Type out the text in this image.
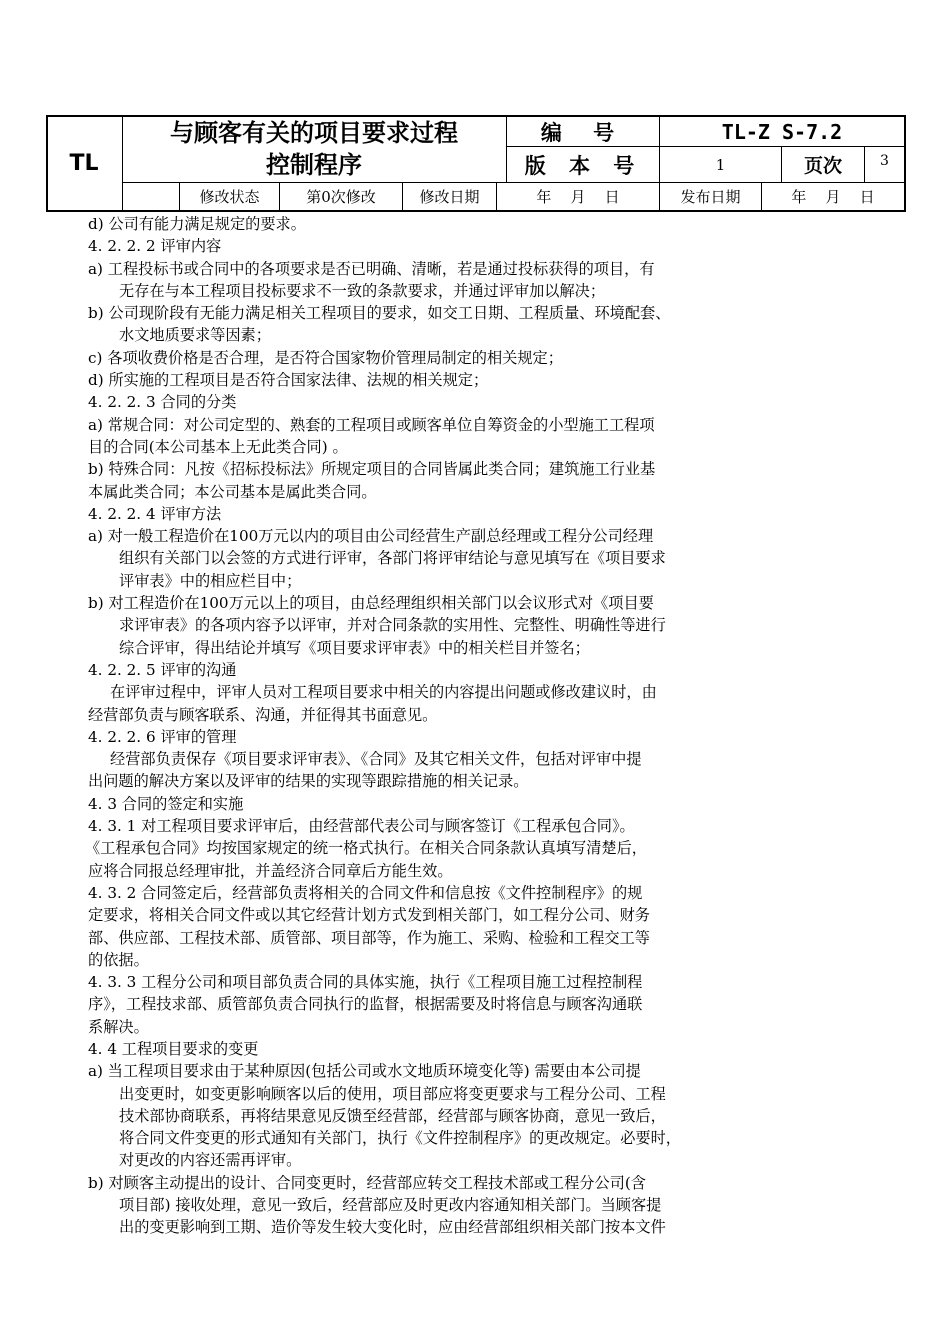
TL
与顾客有关的项目要求过程
控制程序
编 号	TL-Z S-7.2
版 本 号	1	页次	3
修改状态	第0次修改	修改日期	年    月    日	发布日期	年    月    日
d) 公司有能力满足规定的要求。
4. 2. 2. 2 评审内容
a) 工程投标书或合同中的各项要求是否已明确、清晰，若是通过投标获得的项目，有
无存在与本工程项目投标要求不一致的条款要求，并通过评审加以解决；
b) 公司现阶段有无能力满足相关工程项目的要求，如交工日期、工程质量、环境配套、
水文地质要求等因素；
c) 各项收费价格是否合理，是否符合国家物价管理局制定的相关规定；
d) 所实施的工程项目是否符合国家法律、法规的相关规定；
4. 2. 2. 3 合同的分类
a) 常规合同：对公司定型的、熟套的工程项目或顾客单位自筹资金的小型施工工程项
目的合同(本公司基本上无此类合同) 。
b) 特殊合同：凡按《招标投标法》所规定项目的合同皆属此类合同；建筑施工行业基
本属此类合同；本公司基本是属此类合同。
4. 2. 2. 4 评审方法
a) 对一般工程造价在100万元以内的项目由公司经营生产副总经理或工程分公司经理
组织有关部门以会签的方式进行评审，各部门将评审结论与意见填写在《项目要求
评审表》中的相应栏目中；
b) 对工程造价在100万元以上的项目，由总经理组织相关部门以会议形式对《项目要
求评审表》的各项内容予以评审，并对合同条款的实用性、完整性、明确性等进行
综合评审，得出结论并填写《项目要求评审表》中的相关栏目并签名；
4. 2. 2. 5 评审的沟通
在评审过程中，评审人员对工程项目要求中相关的内容提出问题或修改建议时，由
经营部负责与顾客联系、沟通，并征得其书面意见。
4. 2. 2. 6 评审的管理
经营部负责保存《项目要求评审表》、《合同》及其它相关文件，包括对评审中提
出问题的解决方案以及评审的结果的实现等跟踪措施的相关记录。
4. 3 合同的签定和实施
4. 3. 1 对工程项目要求评审后，由经营部代表公司与顾客签订《工程承包合同》。
《工程承包合同》均按国家规定的统一格式执行。在相关合同条款认真填写清楚后，
应将合同报总经理审批，并盖经济合同章后方能生效。
4. 3. 2 合同签定后，经营部负责将相关的合同文件和信息按《文件控制程序》的规
定要求，将相关合同文件或以其它经营计划方式发到相关部门，如工程分公司、财务
部、供应部、工程技术部、质管部、项目部等，作为施工、采购、检验和工程交工等
的依据。
4. 3. 3 工程分公司和项目部负责合同的具体实施，执行《工程项目施工过程控制程
序》，工程技求部、质管部负责合同执行的监督，根据需要及时将信息与顾客沟通联
系解决。
4. 4 工程项目要求的变更
a) 当工程项目要求由于某种原因(包括公司或水文地质环境变化等) 需要由本公司提
出变更时，如变更影响顾客以后的使用，项目部应将变更要求与工程分公司、工程
技术部协商联系，再将结果意见反馈至经营部，经营部与顾客协商，意见一致后，
将合同文件变更的形式通知有关部门，执行《文件控制程序》的更改规定。必要时，
对更改的内容还需再评审。
b) 对顾客主动提出的设计、合同变更时，经营部应转交工程技术部或工程分公司(含
项目部) 接收处理，意见一致后，经营部应及时更改内容通知相关部门。当顾客提
出的变更影响到工期、造价等发生较大变化时，应由经营部组织相关部门按本文件
